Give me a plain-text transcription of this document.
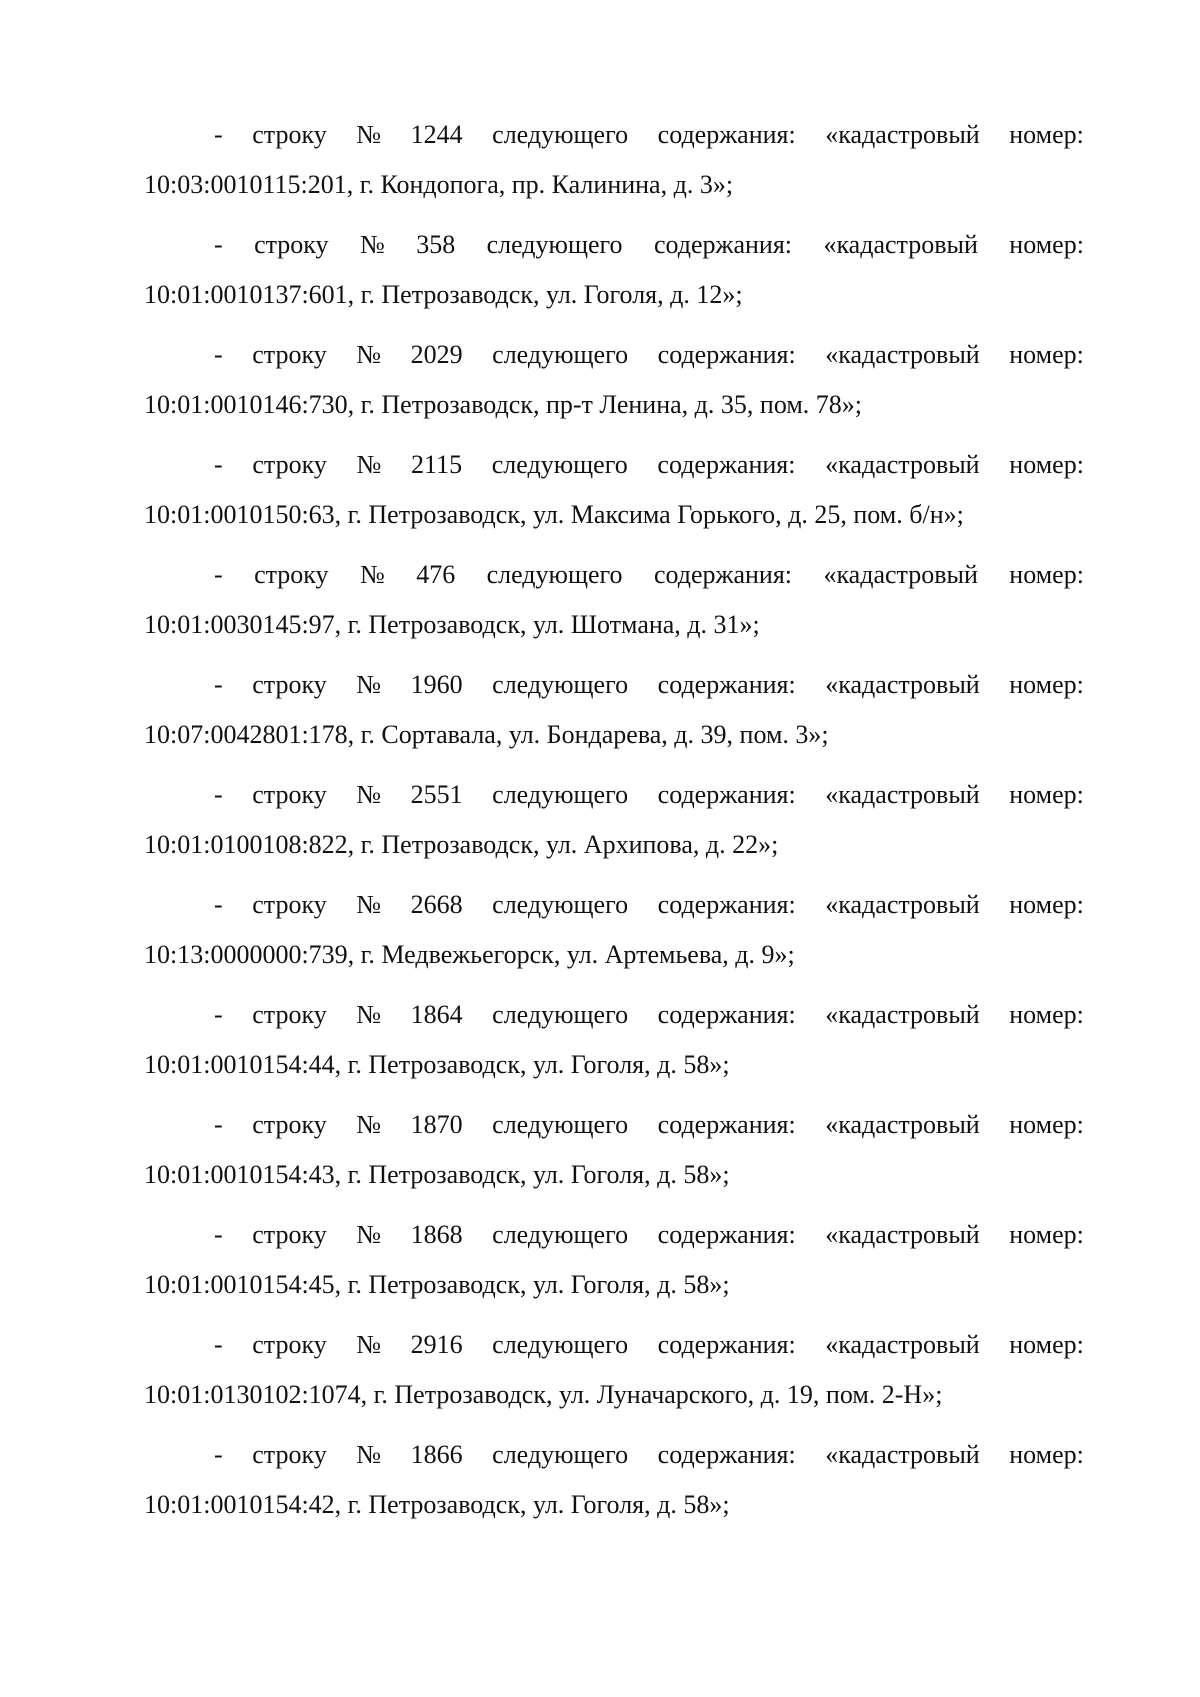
- строку № 1244 следующего содержания: «кадастровый номер:
10:03:0010115:201, г. Кондопога, пр. Калинина, д. 3»;
- строку № 358 следующего содержания: «кадастровый номер:
10:01:0010137:601, г. Петрозаводск, ул. Гоголя, д. 12»;
- строку № 2029 следующего содержания: «кадастровый номер:
10:01:0010146:730, г. Петрозаводск, пр-т Ленина, д. 35, пом. 78»;
- строку № 2115 следующего содержания: «кадастровый номер:
10:01:0010150:63, г. Петрозаводск, ул. Максима Горького, д. 25, пом. б/н»;
- строку № 476 следующего содержания: «кадастровый номер:
10:01:0030145:97, г. Петрозаводск, ул. Шотмана, д. 31»;
- строку № 1960 следующего содержания: «кадастровый номер:
10:07:0042801:178, г. Сортавала, ул. Бондарева, д. 39, пом. 3»;
- строку № 2551 следующего содержания: «кадастровый номер:
10:01:0100108:822, г. Петрозаводск, ул. Архипова, д. 22»;
- строку № 2668 следующего содержания: «кадастровый номер:
10:13:0000000:739, г. Медвежьегорск, ул. Артемьева, д. 9»;
- строку № 1864 следующего содержания: «кадастровый номер:
10:01:0010154:44, г. Петрозаводск, ул. Гоголя, д. 58»;
- строку № 1870 следующего содержания: «кадастровый номер:
10:01:0010154:43, г. Петрозаводск, ул. Гоголя, д. 58»;
- строку № 1868 следующего содержания: «кадастровый номер:
10:01:0010154:45, г. Петрозаводск, ул. Гоголя, д. 58»;
- строку № 2916 следующего содержания: «кадастровый номер:
10:01:0130102:1074, г. Петрозаводск, ул. Луначарского, д. 19, пом. 2-Н»;
- строку № 1866 следующего содержания: «кадастровый номер:
10:01:0010154:42, г. Петрозаводск, ул. Гоголя, д. 58»;
